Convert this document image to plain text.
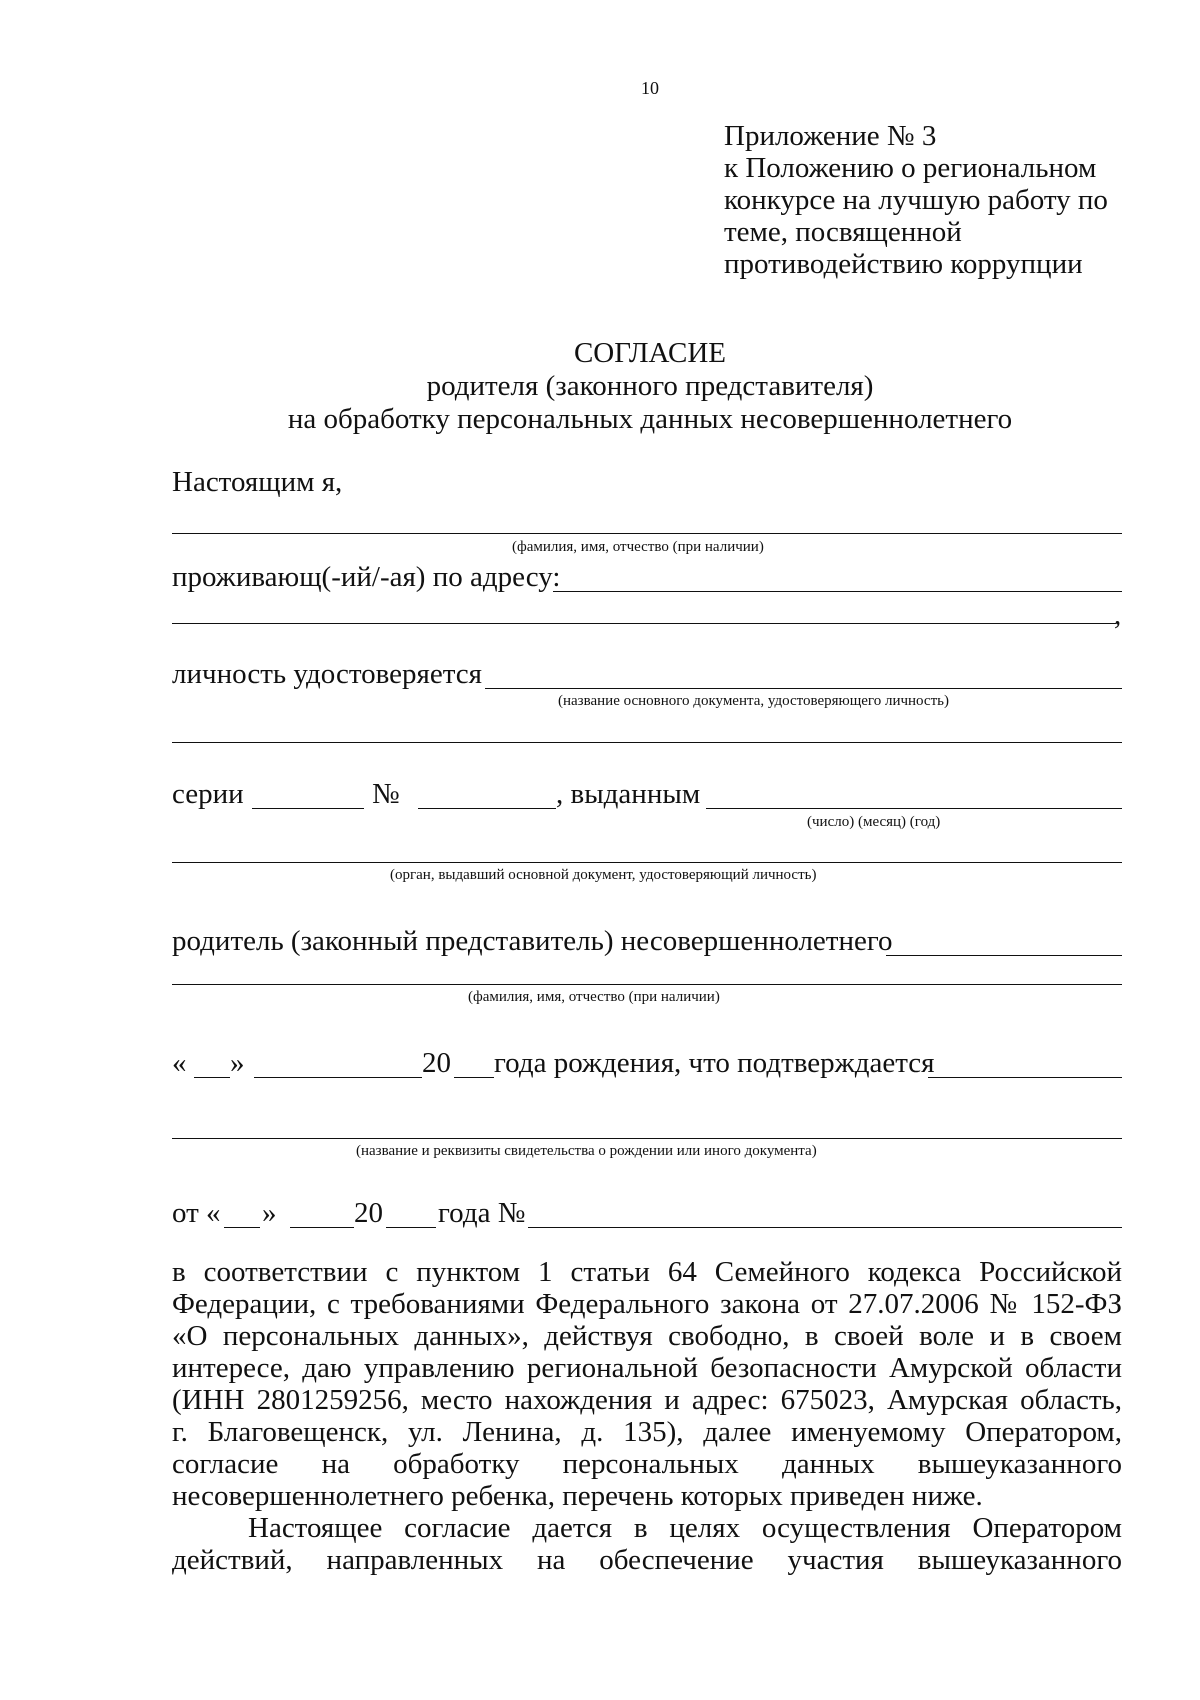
10
Приложение № 3
к Положению о региональном
конкурсе на лучшую работу по
теме, посвященной
противодействию коррупции
СОГЛАСИЕ
родителя (законного представителя)
на обработку персональных данных несовершеннолетнего
Настоящим я,
(фамилия, имя, отчество (при наличии)
проживающ(-ий/-ая) по адресу:
,
личность удостоверяется
(название основного документа, удостоверяющего личность)
серии	№	, выданным
(число) (месяц) (год)
(орган, выдавший основной документ, удостоверяющий личность)
родитель (законный представитель) несовершеннолетнего
(фамилия, имя, отчество (при наличии)
« »	20 года рождения, что подтверждается
(название и реквизиты свидетельства о рождении или иного документа)
от « »	20 года №
в соответствии с пунктом 1 статьи 64 Семейного кодекса Российской
Федерации, с требованиями Федерального закона от 27.07.2006 № 152-ФЗ
«О персональных данных», действуя свободно, в своей воле и в своем
интересе, даю управлению региональной безопасности Амурской области
(ИНН 2801259256, место нахождения и адрес: 675023, Амурская область,
г. Благовещенск, ул. Ленина, д. 135), далее именуемому Оператором,
согласие на обработку персональных данных вышеуказанного
несовершеннолетнего ребенка, перечень которых приведен ниже.
Настоящее согласие дается в целях осуществления Оператором
действий, направленных на обеспечение участия вышеуказанного
